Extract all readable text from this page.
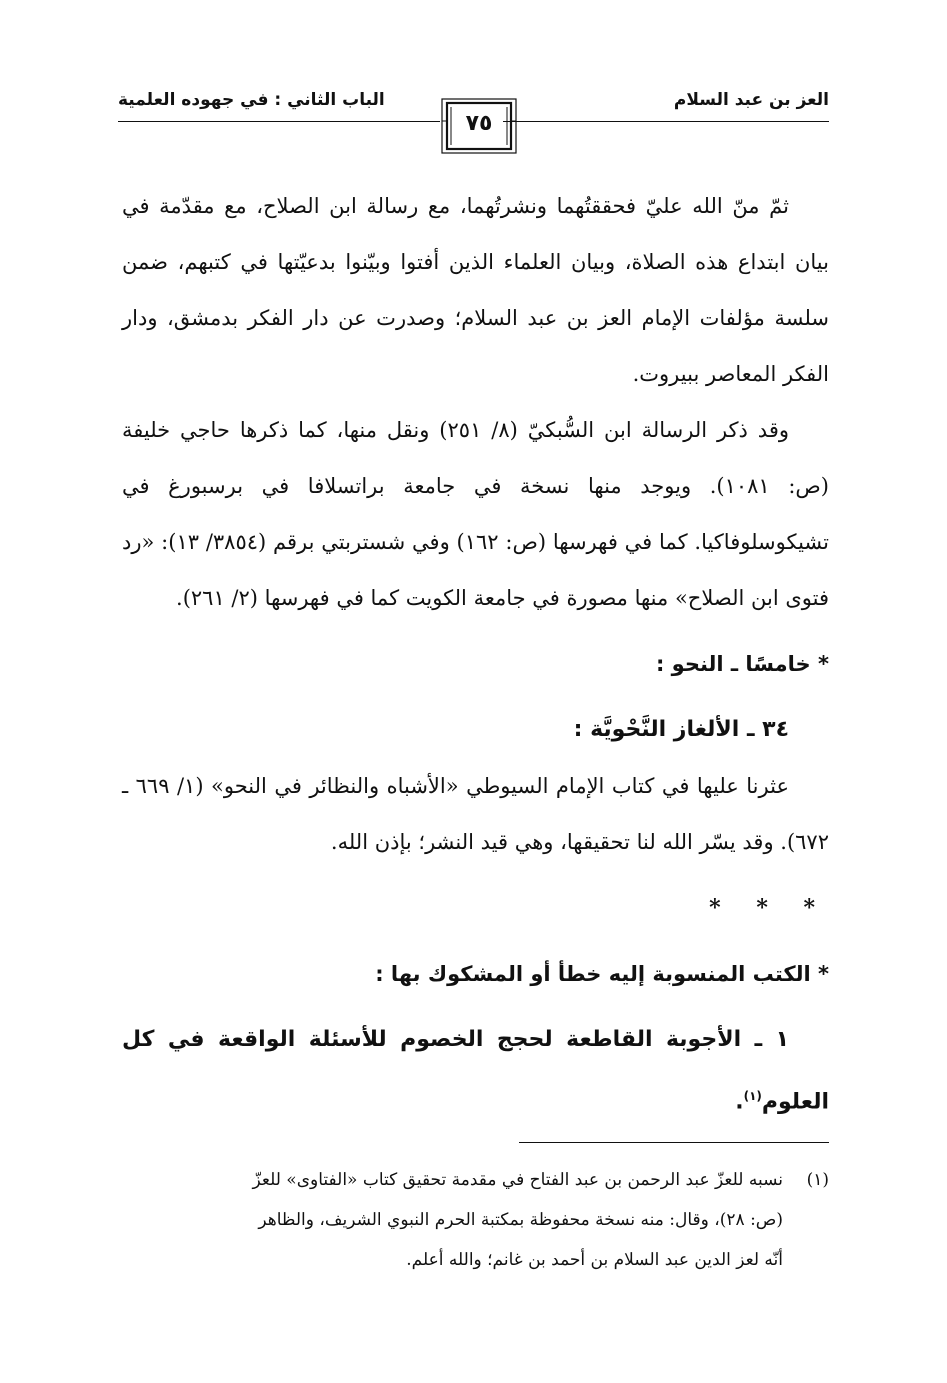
العز بن عبد السلام
الباب الثاني : في جهوده العلمية
٧٥

ثمّ منّ الله عليّ فحققتُهما ونشرتُهما، مع رسالة ابن الصلاح، مع مقدّمة في بيان ابتداع هذه الصلاة، وبيان العلماء الذين أفتوا وبيّنوا بدعيّتها في كتبهم، ضمن سلسة مؤلفات الإمام العز بن عبد السلام؛ وصدرت عن دار الفكر بدمشق، ودار الفكر المعاصر ببيروت.

وقد ذكر الرسالة ابن السُّبكيّ (٨/ ٢٥١) ونقل منها، كما ذكرها حاجي خليفة (ص: ١٠٨١). ويوجد منها نسخة في جامعة براتسلافا في برسبورغ في تشيكوسلوفاكيا. كما في فهرسها (ص: ١٦٢) وفي شستربتي برقم (٣٨٥٤/ ١٣): «رد فتوى ابن الصلاح» منها مصورة في جامعة الكويت كما في فهرسها (٢/ ٢٦١).

* خامسًا ـ النحو :

٣٤ ـ الألغاز النَّحْويَّة :

عثرنا عليها في كتاب الإمام السيوطي «الأشباه والنظائر في النحو» (١/ ٦٦٩ ـ ٦٧٢). وقد يسّر الله لنا تحقيقها، وهي قيد النشر؛ بإذن الله.

* * *

* الكتب المنسوبة إليه خطأ أو المشكوك بها :

١ ـ الأجوبة القاطعة لحجج الخصوم للأسئلة الواقعة في كل العلوم$^{(١)}$.

(١)نسبه للعزّ عبد الرحمن بن عبد الفتاح في مقدمة تحقيق كتاب «الفتاوى» للعزّ
(ص: ٢٨)، وقال: منه نسخة محفوظة بمكتبة الحرم النبوي الشريف، والظاهر
أنّه لعز الدين عبد السلام بن أحمد بن غانم؛ والله أعلم.
